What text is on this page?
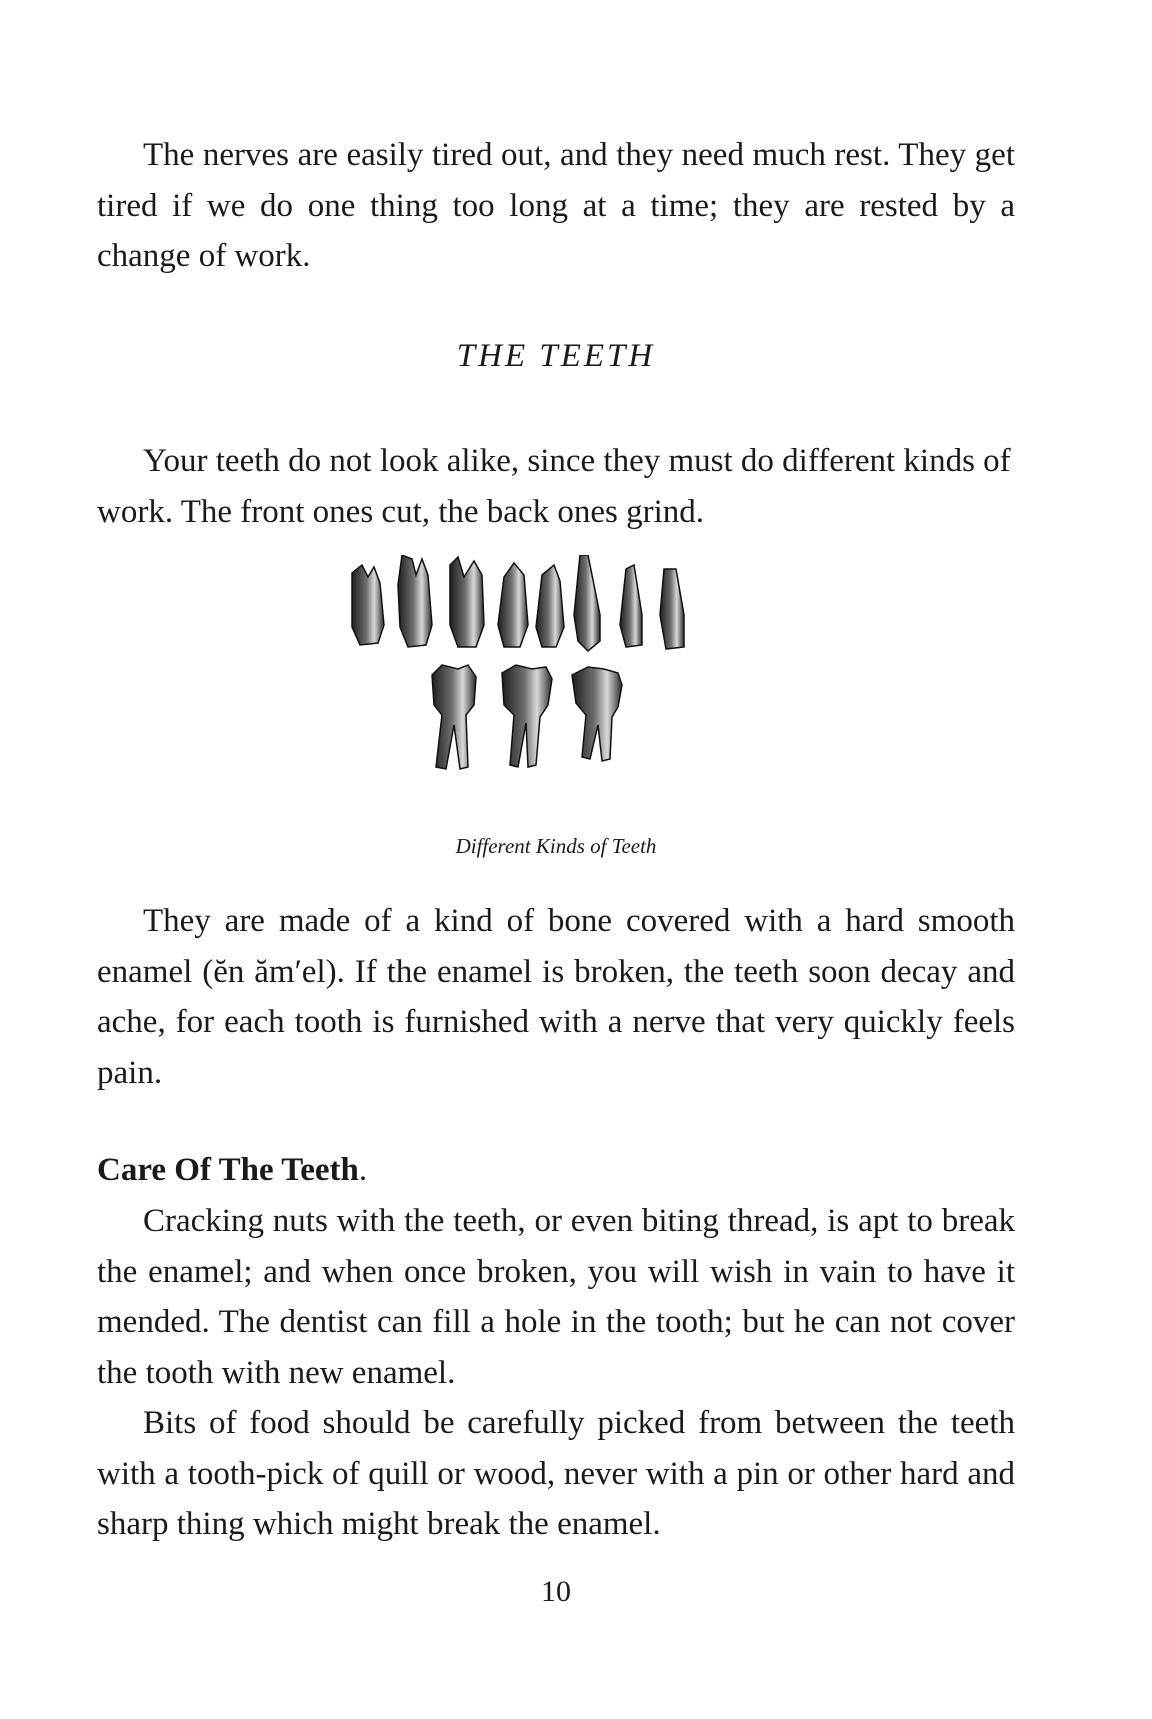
The nerves are easily tired out, and they need much rest. They get tired if we do one thing too long at a time; they are rested by a change of work.

THE TEETH

Your teeth do not look alike, since they must do different kinds of work. The front ones cut, the back ones grind.

Different Kinds of Teeth

They are made of a kind of bone covered with a hard smooth enamel (ĕn ăm′el). If the enamel is broken, the teeth soon decay and ache, for each tooth is furnished with a nerve that very quickly feels pain.

Care Of The Teeth.

Cracking nuts with the teeth, or even biting thread, is apt to break the enamel; and when once broken, you will wish in vain to have it mended. The dentist can fill a hole in the tooth; but he can not cover the tooth with new enamel.

Bits of food should be carefully picked from between the teeth with a tooth-pick of quill or wood, never with a pin or other hard and sharp thing which might break the enamel.

10
